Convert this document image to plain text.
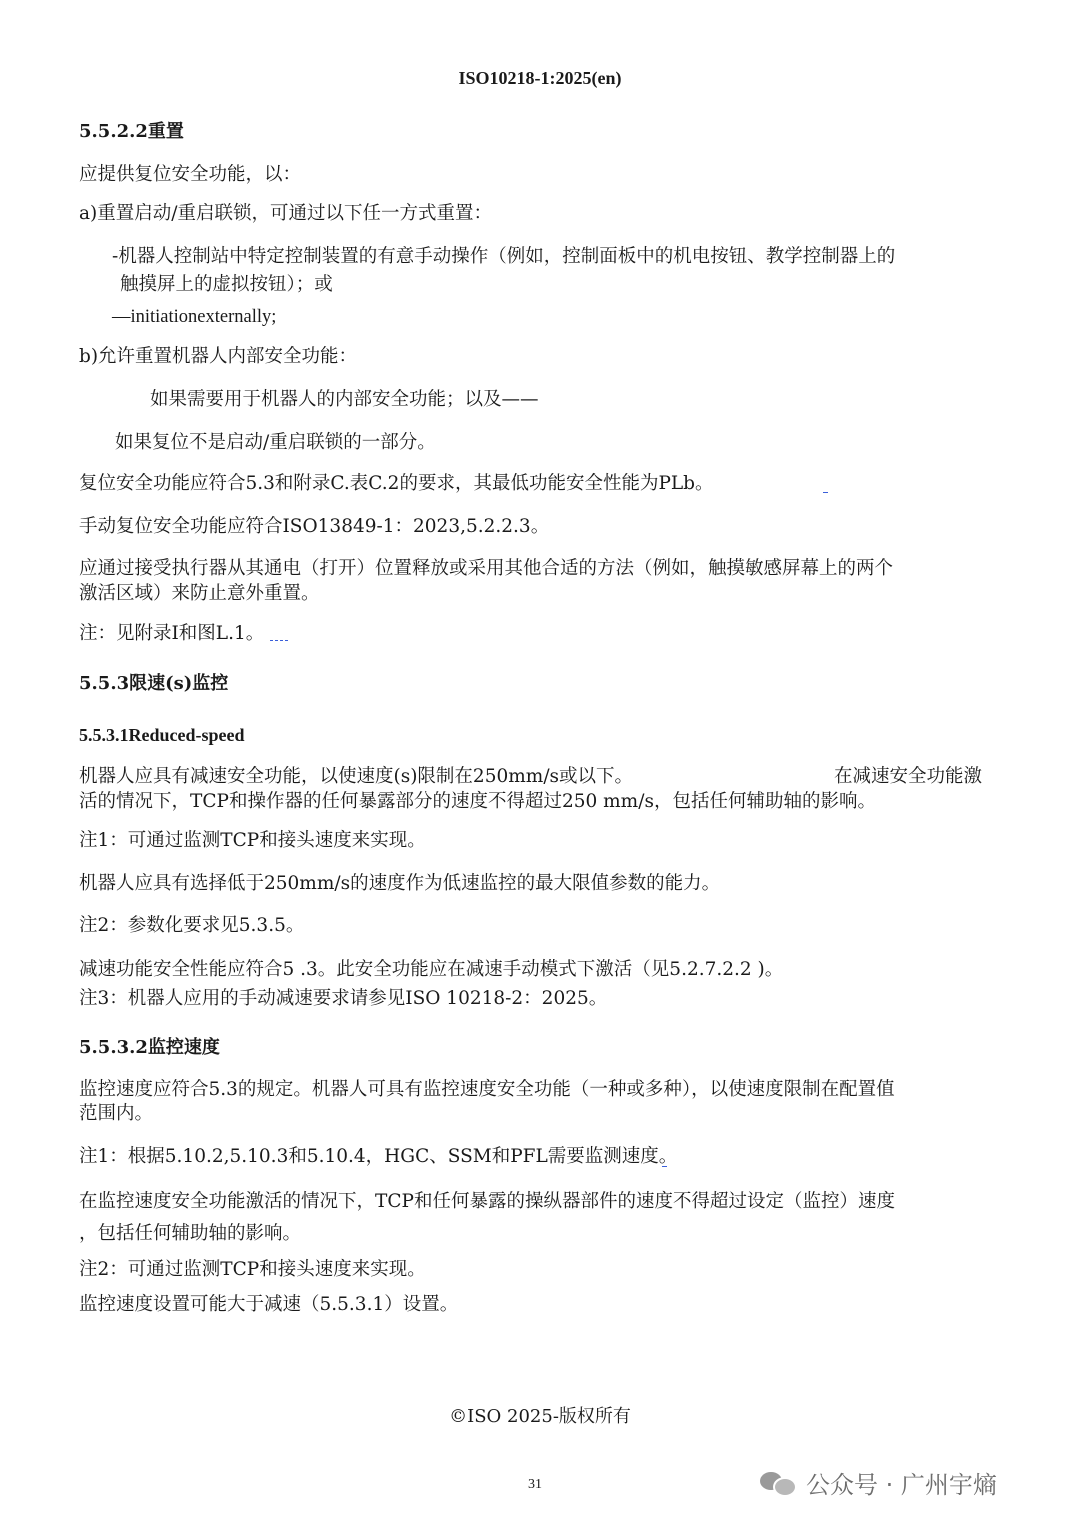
ISO10218-1:2025(en)
5.5.2.2重置
应提供复位安全功能，以：
a)重置启动/重启联锁，可通过以下任一方式重置：
-机器人控制站中特定控制装置的有意手动操作（例如，控制面板中的机电按钮、教学控制器上的
触摸屏上的虚拟按钮）；或
—initiationexternally;
b)允许重置机器人内部安全功能：
如果需要用于机器人的内部安全功能；以及——
如果复位不是启动/重启联锁的一部分。
复位安全功能应符合5.3和附录C.表C.2的要求，其最低功能安全性能为PLb。
手动复位安全功能应符合ISO13849-1：2023,5.2.2.3。
应通过接受执行器从其通电（打开）位置释放或采用其他合适的方法（例如，触摸敏感屏幕上的两个
激活区域）来防止意外重置。
注：见附录I和图L.1。
5.5.3限速(s)监控
5.5.3.1Reduced-speed
机器人应具有减速安全功能，以使速度(s)限制在250mm/s或以下。	在减速安全功能激
活的情况下，TCP和操作器的任何暴露部分的速度不得超过250 mm/s，包括任何辅助轴的影响。
注1：可通过监测TCP和接头速度来实现。
机器人应具有选择低于250mm/s的速度作为低速监控的最大限值参数的能力。
注2：参数化要求见5.3.5。
减速功能安全性能应符合5 .3。此安全功能应在减速手动模式下激活（见5.2.7.2.2 )。
注3：机器人应用的手动减速要求请参见ISO 10218-2：2025。
5.5.3.2监控速度
监控速度应符合5.3的规定。机器人可具有监控速度安全功能（一种或多种），以使速度限制在配置值
范围内。
注1：根据5.10.2,5.10.3和5.10.4，HGC、SSM和PFL需要监测速度。
在监控速度安全功能激活的情况下，TCP和任何暴露的操纵器部件的速度不得超过设定（监控）速度
，包括任何辅助轴的影响。
注2：可通过监测TCP和接头速度来实现。
监控速度设置可能大于减速（5.5.3.1）设置。
©ISO 2025-版权所有
31	公众号 · 广州宇熵
